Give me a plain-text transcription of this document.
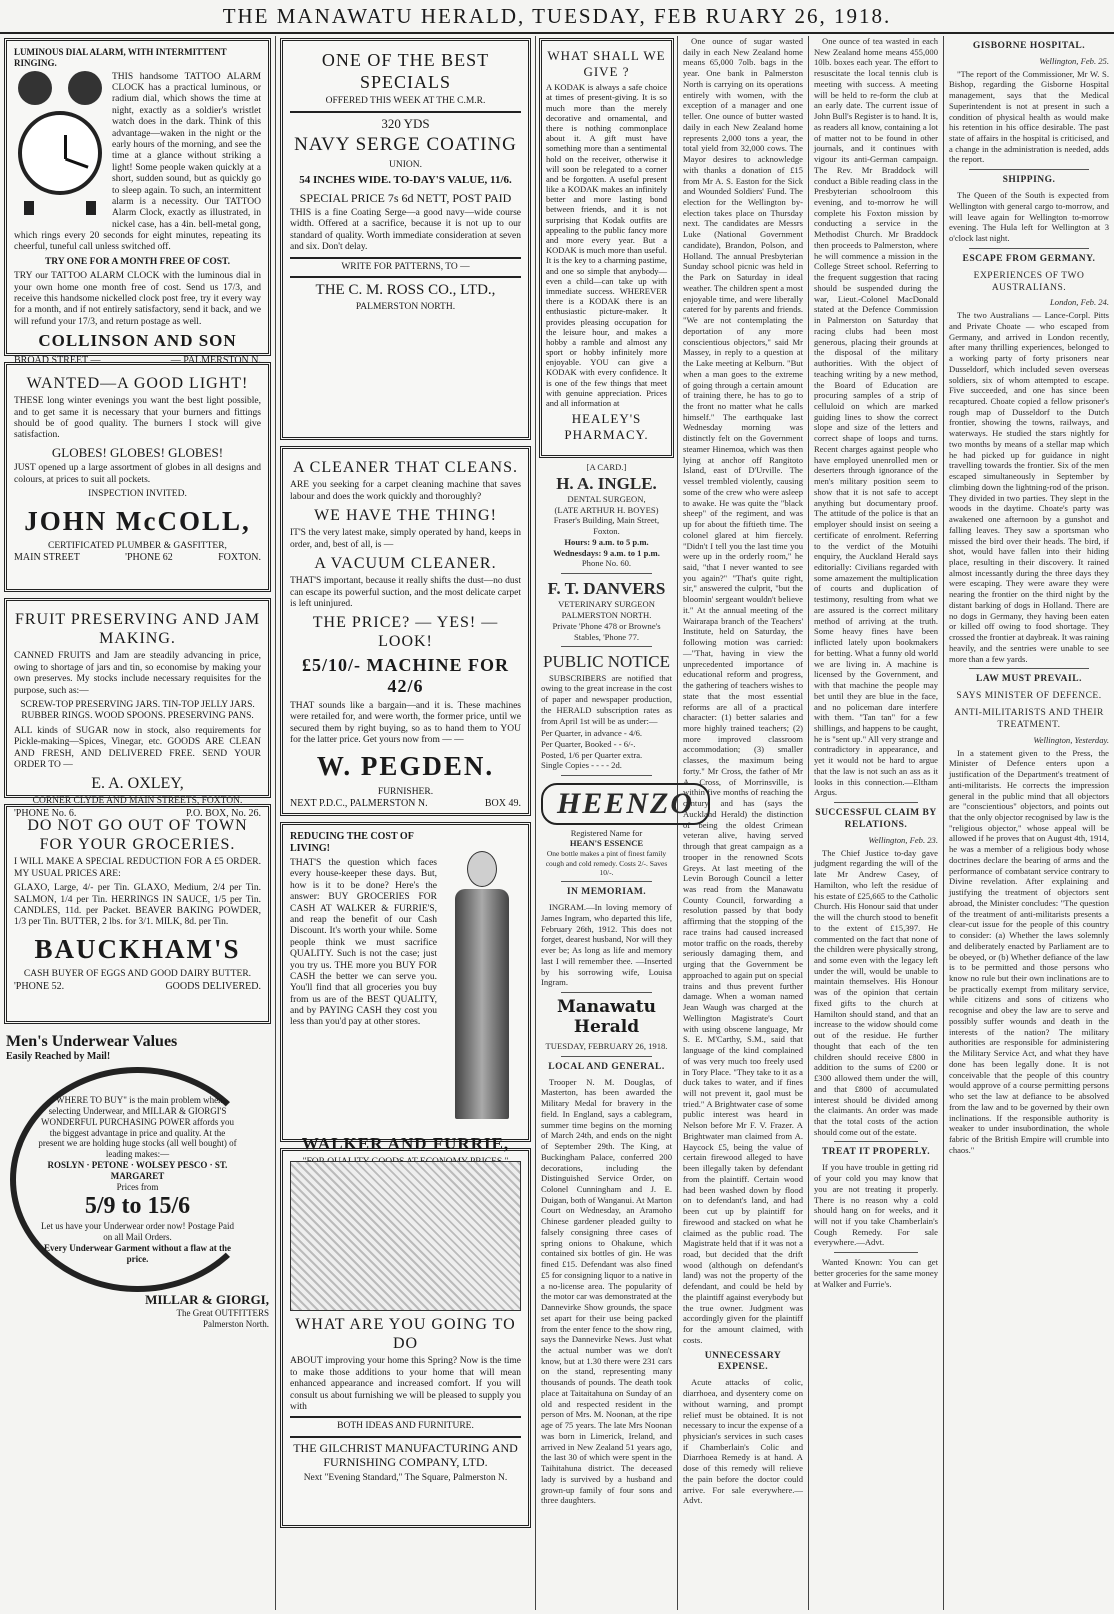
THE MANAWATU HERALD, TUESDAY, FEB RUARY 26, 1918.
LUMINOUS DIAL ALARM, WITH INTERMITTENT RINGING.

THIS handsome TATTOO ALARM CLOCK has a practical luminous, or radium dial, which shows the time at night, exactly as a soldier's wristlet watch does in the dark. Think of this advantage—waken in the night or the early hours of the morning, and see the time at a glance without striking a light! Some people waken quickly at a short, sudden sound, but as quickly go to sleep again. To such, an intermittent alarm is a necessity. Our TATTOO Alarm Clock, exactly as illustrated, in nickel case, has a 4in. bell-metal gong, which rings every 20 seconds for eight minutes, repeating its cheerful, tuneful call unless switched off.

TRY ONE FOR A MONTH FREE OF COST.

TRY our TATTOO ALARM CLOCK with the luminous dial in your own home one month free of cost. Send us 17/3, and receive this handsome nickelled clock post free, try it every way for a month, and if not entirely satisfactory, send it back, and we will refund your 17/3, and return postage as well.

COLLINSON AND SON
BROAD STREET —	— PALMERSTON N.
WANTED—A GOOD LIGHT!

THESE long winter evenings you want the best light possible, and to get same it is necessary that your burners and fittings should be of good quality. The burners I stock will give satisfaction.

GLOBES! GLOBES! GLOBES!

JUST opened up a large assortment of globes in all designs and colours, at prices to suit all pockets.

INSPECTION INVITED.
JOHN McCOLL,
CERTIFICATED PLUMBER & GASFITTER,
MAIN STREET	'PHONE 62	FOXTON.
FRUIT PRESERVING AND JAM MAKING.

CANNED FRUITS and Jam are steadily advancing in price, owing to shortage of jars and tin, so economise by making your own preserves. My stocks include necessary requisites for the purpose, such as:—

SCREW-TOP PRESERVING JARS. TIN-TOP JELLY JARS. RUBBER RINGS. WOOD SPOONS. PRESERVING PANS.

ALL kinds of SUGAR now in stock, also requirements for Pickle-making—Spices, Vinegar, etc. GOODS ARE CLEAN AND FRESH, AND DELIVERED FREE. SEND YOUR ORDER TO —

E. A. OXLEY,
CORNER CLYDE AND MAIN STREETS, FOXTON.
'PHONE No. 6.	P.O. BOX, No. 26.
DO NOT GO OUT OF TOWN FOR YOUR GROCERIES.

I WILL MAKE A SPECIAL REDUCTION FOR A £5 ORDER. MY USUAL PRICES ARE:

GLAXO, Large, 4/- per Tin. GLAXO, Medium, 2/4 per Tin. SALMON, 1/4 per Tin. HERRINGS IN SAUCE, 1/5 per Tin. CANDLES, 11d. per Packet. BEAVER BAKING POWDER, 1/3 per Tin. BUTTER, 2 lbs. for 3/1. MILK, 8d. per Tin.

BAUCKHAM'S
CASH BUYER OF EGGS AND GOOD DAIRY BUTTER.
'PHONE 52.	GOODS DELIVERED.
Men's Underwear Values
Easily Reached by Mail!

"WHERE TO BUY" is the main problem when selecting Underwear, and MILLAR & GIORGI'S WONDERFUL PURCHASING POWER affords you the biggest advantage in price and quality. At the present we are holding huge stocks (all well bought) of leading makes:—

ROSLYN · PETONE · WOLSEY PESCO · ST. MARGARET
Prices from
5/9 to 15/6
Let us have your Underwear order now! Postage Paid on all Mail Orders.
Every Underwear Garment without a flaw at the price.
MILLAR & GIORGI,
The Great OUTFITTERS
Palmerston North.
ONE OF THE BEST SPECIALS
OFFERED THIS WEEK AT THE C.M.R.
320 YDS
NAVY SERGE COATING
UNION.
54 INCHES WIDE. TO-DAY'S VALUE, 11/6.
SPECIAL PRICE 7s 6d NETT, POST PAID

THIS is a fine Coating Serge—a good navy—wide course width. Offered at a sacrifice, because it is not up to our standard of quality. Worth immediate consideration at seven and six. Don't delay.

WRITE FOR PATTERNS, TO —
THE C. M. ROSS CO., LTD.,
PALMERSTON NORTH.
A CLEANER THAT CLEANS.

ARE you seeking for a carpet cleaning machine that saves labour and does the work quickly and thoroughly?

WE HAVE THE THING!

IT'S the very latest make, simply operated by hand, keeps in order, and, best of all, is —

A VACUUM CLEANER.

THAT'S important, because it really shifts the dust—no dust can escape its powerful suction, and the most delicate carpet is left uninjured.

THE PRICE? — YES! — LOOK!
£5/10/- MACHINE FOR 42/6

THAT sounds like a bargain—and it is. These machines were retailed for, and were worth, the former price, until we secured them by right buying, so as to hand them to YOU for the latter price. Get yours now from — —

W. PEGDEN.
FURNISHER.
NEXT P.D.C., PALMERSTON N.	BOX 49.
REDUCING THE COST OF LIVING!

THAT'S the question which faces every house-keeper these days. But, how is it to be done? Here's the answer: BUY GROCERIES FOR CASH AT WALKER & FURRIE'S, and reap the benefit of our Cash Discount. It's worth your while. Some people think we must sacrifice QUALITY. Such is not the case; just you try us. THE more you BUY FOR CASH the better we can serve you. You'll find that all groceries you buy from us are of the BEST QUALITY, and by PAYING CASH they cost you less than you'd pay at other stores.

WALKER AND FURRIE,
WHAT ARE YOU GOING TO DO

ABOUT improving your home this Spring? Now is the time to make those additions to your home that will mean enhanced appearance and increased comfort. If you will consult us about furnishing we will be pleased to supply you with

BOTH IDEAS AND FURNITURE.
THE GILCHRIST MANUFACTURING AND FURNISHING COMPANY, LTD.
Next "Evening Standard," The Square, Palmerston N.
WHAT SHALL WE GIVE ?

A KODAK is always a safe choice at times of present-giving. It is so much more than the merely decorative and ornamental, and there is nothing commonplace about it. A gift must have something more than a sentimental hold on the receiver, otherwise it will soon be relegated to a corner and be forgotten. A useful present like a KODAK makes an infinitely better and more lasting bond between friends, and it is not surprising that Kodak outfits are appealing to the public fancy more and more every year. But a KODAK is much more than useful. It is the key to a charming pastime, and one so simple that anybody—even a child—can take up with immediate success. WHEREVER there is a KODAK there is an enthusiastic picture-maker. It provides pleasing occupation for the leisure hour, and makes a hobby a ramble and almost any sport or hobby infinitely more enjoyable. YOU can give a KODAK with every confidence. It is one of the few things that meet with genuine appreciation. Prices and all information at

HEALEY'S PHARMACY.
[A CARD.]
H. A. INGLE.
DENTAL SURGEON,
(LATE ARTHUR H. BOYES)
Fraser's Building, Main Street, Foxton.
Hours: 9 a.m. to 5 p.m. Wednesdays: 9 a.m. to 1 p.m.
Phone No. 60.
F. T. DANVERS
VETERINARY SURGEON
PALMERSTON NORTH.
Private 'Phone 478 or Browne's Stables, 'Phone 77.
PUBLIC NOTICE

SUBSCRIBERS are notified that owing to the great increase in the cost of paper and newspaper production, the HERALD subscription rates as from April 1st will be as under:—

Per Quarter, in advance - 4/6.
Per Quarter, Booked - - 6/-.
Posted, 1/6 per Quarter extra.
Single Copies - - - - 2d.
HEENZO
Registered Name for
HEAN'S ESSENCE
One bottle makes a pint of finest family cough and cold remedy. Costs 2/-. Saves 10/-.
IN MEMORIAM.

INGRAM.—In loving memory of James Ingram, who departed this life, February 26th, 1912. This does not forget, dearest husband, Nor will they ever be; As long as life and memory last I will remember thee. —Inserted by his sorrowing wife, Louisa Ingram.

Manawatu Herald
TUESDAY, FEBRUARY 26, 1918.
LOCAL AND GENERAL.

Trooper N. M. Douglas, of Masterton, has been awarded the Military Medal for bravery in the field. In England, says a cablegram, summer time begins on the morning of March 24th, and ends on the night of September 29th. The King, at Buckingham Palace, conferred 200 decorations, including the Distinguished Service Order, on Colonel Cunningham and J. E. Duigan, both of Wanganui. At Marton Court on Wednesday, an Aramoho Chinese gardener pleaded guilty to falsely consigning three cases of spring onions to Ohakune, which contained six bottles of gin. He was fined £15. Defendant was also fined £5 for consigning liquor to a native in a no-license area. The popularity of the motor car was demonstrated at the Dannevirke Show grounds, the space set apart for their use being packed from the enter fence to the show ring, says the Dannevirke News. Just what the actual number was we don't know, but at 1.30 there were 231 cars on the stand, representing many thousands of pounds. The death took place at Taitaitahuna on Sunday of an old and respected resident in the person of Mrs. M. Noonan, at the ripe age of 75 years. The late Mrs Noonan was born in Limerick, Ireland, and arrived in New Zealand 51 years ago, the last 30 of which were spent in the Taihitahuna district. The deceased lady is survived by a husband and grown-up family of four sons and three daughters.

One ounce of sugar wasted daily in each New Zealand home means 65,000 7olb. bags in the year. One bank in Palmerston North is carrying on its operations entirely with women, with the exception of a manager and one teller. One ounce of butter wasted daily in each New Zealand home represents 2,000 tons a year, the total yield from 32,000 cows. The Mayor desires to acknowledge with thanks a donation of £15 from Mr A. S. Easton for the Sick and Wounded Soldiers' Fund. The election for the Wellington by-election takes place on Thursday next. The candidates are Messrs Luke (National Government candidate), Brandon, Polson, and Holland. The annual Presbyterian Sunday school picnic was held in the Park on Saturday in ideal weather. The children spent a most enjoyable time, and were liberally catered for by parents and friends. "We are not contemplating the deportation of any more conscientious objectors," said Mr Massey, in reply to a question at the Lake meeting at Kelburn. "But when a man goes to the extreme of going through a certain amount of training there, he has to go to the front no matter what he calls himself." The earthquake last Wednesday morning was distinctly felt on the Government steamer Hinemoa, which was then lying at anchor off Rangitoto Island, east of D'Urville. The vessel trembled violently, causing some of the crew who were asleep to awake. He was quite the "black sheep" of the regiment, and was up for about the fiftieth time. The colonel glared at him fiercely. "Didn't I tell you the last time you were up in the orderly room," he said, "that I never wanted to see you again?" "That's quite right, sir," answered the culprit, "but the bloomin' sergeant wouldn't believe it." At the annual meeting of the Wairarapa branch of the Teachers' Institute, held on Saturday, the following motion was carried:—"That, having in view the unprecedented importance of educational reform and progress, the gathering of teachers wishes to state that the most essential reforms are all of a practical character: (1) better salaries and more highly trained teachers; (2) more improved classroom accommodation; (3) smaller classes, the maximum being forty." Mr Cross, the father of Mr A. Cross, of Morrinsville, is within five months of reaching the century, and has (says the Auckland Herald) the distinction of being the oldest Crimean veteran alive, having served through that great campaign as a trooper in the renowned Scots Greys. At last meeting of the Levin Borough Council a letter was read from the Manawatu County Council, forwarding a resolution passed by that body affirming that the stopping of the race trains had caused increased motor traffic on the roads, thereby seriously damaging them, and urging that the Government be approached to again put on special trains and thus prevent further damage. When a woman named Jean Waugh was charged at the Wellington Magistrate's Court with using obscene language, Mr S. E. M'Carthy, S.M., said that language of the kind complained of was very much too freely used in Tory Place. "They take to it as a duck takes to water, and if fines will not prevent it, gaol must be tried." A Brightwater case of some public interest was heard in Nelson before Mr F. V. Frazer. A Brightwater man claimed from A. Haycock £5, being the value of certain firewood alleged to have been illegally taken by defendant from the plaintiff. Certain wood had been washed down by flood on to defendant's land, and had been cut up by plaintiff for firewood and stacked on what he claimed as the public road. The Magistrate held that if it was not a road, but decided that the drift wood (although on defendant's land) was not the property of the defendant, and could be held by the plaintiff against everybody but the true owner. Judgment was accordingly given for the plaintiff for the amount claimed, with costs.

UNNECESSARY EXPENSE.

Acute attacks of colic, diarrhoea, and dysentery come on without warning, and prompt relief must be obtained. It is not necessary to incur the expense of a physician's services in such cases if Chamberlain's Colic and Diarrhoea Remedy is at hand. A dose of this remedy will relieve the pain before the doctor could arrive. For sale everywhere.—Advt.

One ounce of tea wasted in each New Zealand home means 455,000 10lb. boxes each year. The effort to resuscitate the local tennis club is meeting with success. A meeting will be held to re-form the club at an early date. The current issue of John Bull's Register is to hand. It is, as readers all know, containing a lot of matter not to be found in other journals, and it continues with vigour its anti-German campaign. The Rev. Mr Braddock will conduct a Bible reading class in the Presbyterian schoolroom this evening, and to-morrow he will complete his Foxton mission by conducting a service in the Methodist Church. Mr Braddock then proceeds to Palmerston, where he will commence a mission in the College Street school. Referring to the frequent suggestion that racing should be suspended during the war, Lieut.-Colonel MacDonald stated at the Defence Commission in Palmerston on Saturday that racing clubs had been most generous, placing their grounds at the disposal of the military authorities. With the object of teaching writing by a new method, the Board of Education are procuring samples of a strip of celluloid on which are marked guiding lines to show the correct slope and size of the letters and correct shape of loops and turns. Recent charges against people who have employed unenrolled men or deserters through ignorance of the men's military position seem to show that it is not safe to accept anything but documentary proof. The attitude of the police is that an employer should insist on seeing a certificate of enrolment. Referring to the verdict of the Motuihi enquiry, the Auckland Herald says editorially: Civilians regarded with some amazement the multiplication of courts and duplication of testimony, resulting from what we are assured is the correct military method of arriving at the truth. Some heavy fines have been inflicted lately upon bookmakers for betting. What a funny old world we are living in. A machine is licensed by the Government, and with that machine the people may bet until they are blue in the face, and no policeman dare interfere with them. "Tan tan" for a few shillings, and happens to be caught, he is "sent up." All very strange and contradictory in appearance, and yet it would not be hard to argue that the law is not such an ass as it looks in this connection.—Eltham Argus.

SUCCESSFUL CLAIM BY RELATIONS.
Wellington, Feb. 23.

The Chief Justice to-day gave judgment regarding the will of the late Mr Andrew Casey, of Hamilton, who left the residue of his estate of £25,665 to the Catholic Church. His Honour said that under the will the church stood to benefit to the extent of £15,397. He commented on the fact that none of the children were physically strong, and some even with the legacy left under the will, would be unable to maintain themselves. His Honour was of the opinion that certain fixed gifts to the church at Hamilton should stand, and that an increase to the widow should come out of the residue. He further thought that each of the ten children should receive £800 in addition to the sums of £200 or £300 allowed them under the will, and that £800 of accumulated interest should be divided among the claimants. An order was made that the total costs of the action should come out of the estate.

TREAT IT PROPERLY.

If you have trouble in getting rid of your cold you may know that you are not treating it properly. There is no reason why a cold should hang on for weeks, and it will not if you take Chamberlain's Cough Remedy. For sale everywhere.—Advt.

Wanted Known: You can get better groceries for the same money at Walker and Furrie's.

GISBORNE HOSPITAL.
Wellington, Feb. 25.

"The report of the Commissioner, Mr W. S. Bishop, regarding the Gisborne Hospital management, says that the Medical Superintendent is not at present in such a condition of physical health as would make his retention in his office desirable. The past state of affairs in the hospital is criticised, and a change in the administration is needed, adds the report.

SHIPPING.

The Queen of the South is expected from Wellington with general cargo to-morrow, and will leave again for Wellington to-morrow evening. The Hula left for Wellington at 3 o'clock last night.

ESCAPE FROM GERMANY.
EXPERIENCES OF TWO AUSTRALIANS.
London, Feb. 24.

The two Australians — Lance-Corpl. Pitts and Private Choate — who escaped from Germany, and arrived in London recently, after many thrilling experiences, belonged to a working party of forty prisoners near Dusseldorf, which included seven overseas soldiers, six of whom attempted to escape. Five succeeded, and one has since been recaptured. Choate copied a fellow prisoner's rough map of Dusseldorf to the Dutch frontier, showing the towns, railways, and waterways. He studied the stars nightly for two months by means of a stellar map which he had picked up for guidance in night travelling towards the frontier. Six of the men escaped simultaneously in September by climbing down the lightning-rod of the prison. They divided in two parties. They slept in the woods in the daytime. Choate's party was awakened one afternoon by a gunshot and falling leaves. They saw a sportsman who missed the bird over their heads. The bird, if shot, would have fallen into their hiding place, resulting in their discovery. It rained almost incessantly during the three days they were escaping. They were aware they were nearing the frontier on the third night by the distant barking of dogs in Holland. There are no dogs in Germany, they having been eaten or killed off owing to food shortage. They crossed the frontier at daybreak. It was raining heavily, and the sentries were unable to see more than a few yards.

LAW MUST PREVAIL.
SAYS MINISTER OF DEFENCE.
ANTI-MILITARISTS AND THEIR TREATMENT.
Wellington, Yesterday.

In a statement given to the Press, the Minister of Defence enters upon a justification of the Department's treatment of anti-militarists. He corrects the impression general in the public mind that all objectors are "conscientious" objectors, and points out that the only objector recognised by law is the "religious objector," whose appeal will be allowed if he proves that on August 4th, 1914, he was a member of a religious body whose doctrines declare the bearing of arms and the performance of combatant service contrary to Divine revelation. After explaining and justifying the treatment of objectors sent abroad, the Minister concludes: "The question of the treatment of anti-militarists presents a clear-cut issue for the people of this country to consider: (a) Whether the laws solemnly and deliberately enacted by Parliament are to be obeyed, or (b) Whether defiance of the law is to be permitted and those persons who know no rule but their own inclinations are to be practically exempt from military service, while citizens and sons of citizens who recognise and obey the law are to serve and possibly suffer wounds and death in the interests of the nation? The military authorities are responsible for administering the Military Service Act, and what they have done has been legally done. It is not conceivable that the people of this country would approve of a course permitting persons who set the law at defiance to be absolved from the law and to be governed by their own inclinations. If the responsible authority is weaker to under insubordination, the whole fabric of the British Empire will crumble into chaos."
